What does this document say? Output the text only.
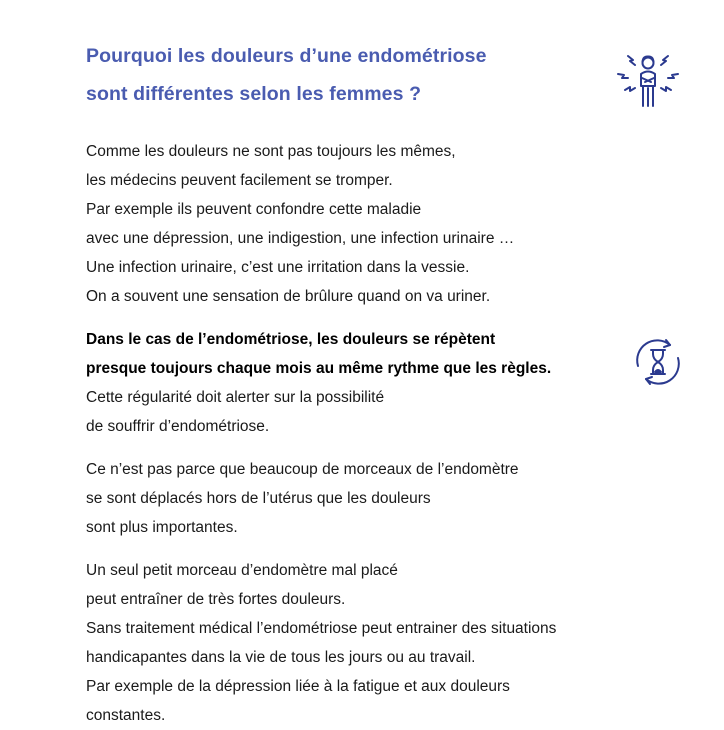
Pourquoi les douleurs d’une endométriose
sont différentes selon les femmes ?

Comme les douleurs ne sont pas toujours les mêmes,
les médecins peuvent facilement se tromper.
Par exemple ils peuvent confondre cette maladie
avec une dépression, une indigestion, une infection urinaire …
Une infection urinaire, c’est une irritation dans la vessie.
On a souvent une sensation de brûlure quand on va uriner.

Dans le cas de l’endométriose, les douleurs se répètent
presque toujours chaque mois au même rythme que les règles.
Cette régularité doit alerter sur la possibilité
de souffrir d’endométriose.

Ce n’est pas parce que beaucoup de morceaux de l’endomètre
se sont déplacés hors de l’utérus que les douleurs
sont plus importantes.

Un seul petit morceau d’endomètre mal placé
peut entraîner de très fortes douleurs.
Sans traitement médical l’endométriose peut entrainer des situations
handicapantes dans la vie de tous les jours ou au travail.
Par exemple de la dépression liée à la fatigue et aux douleurs
constantes.
